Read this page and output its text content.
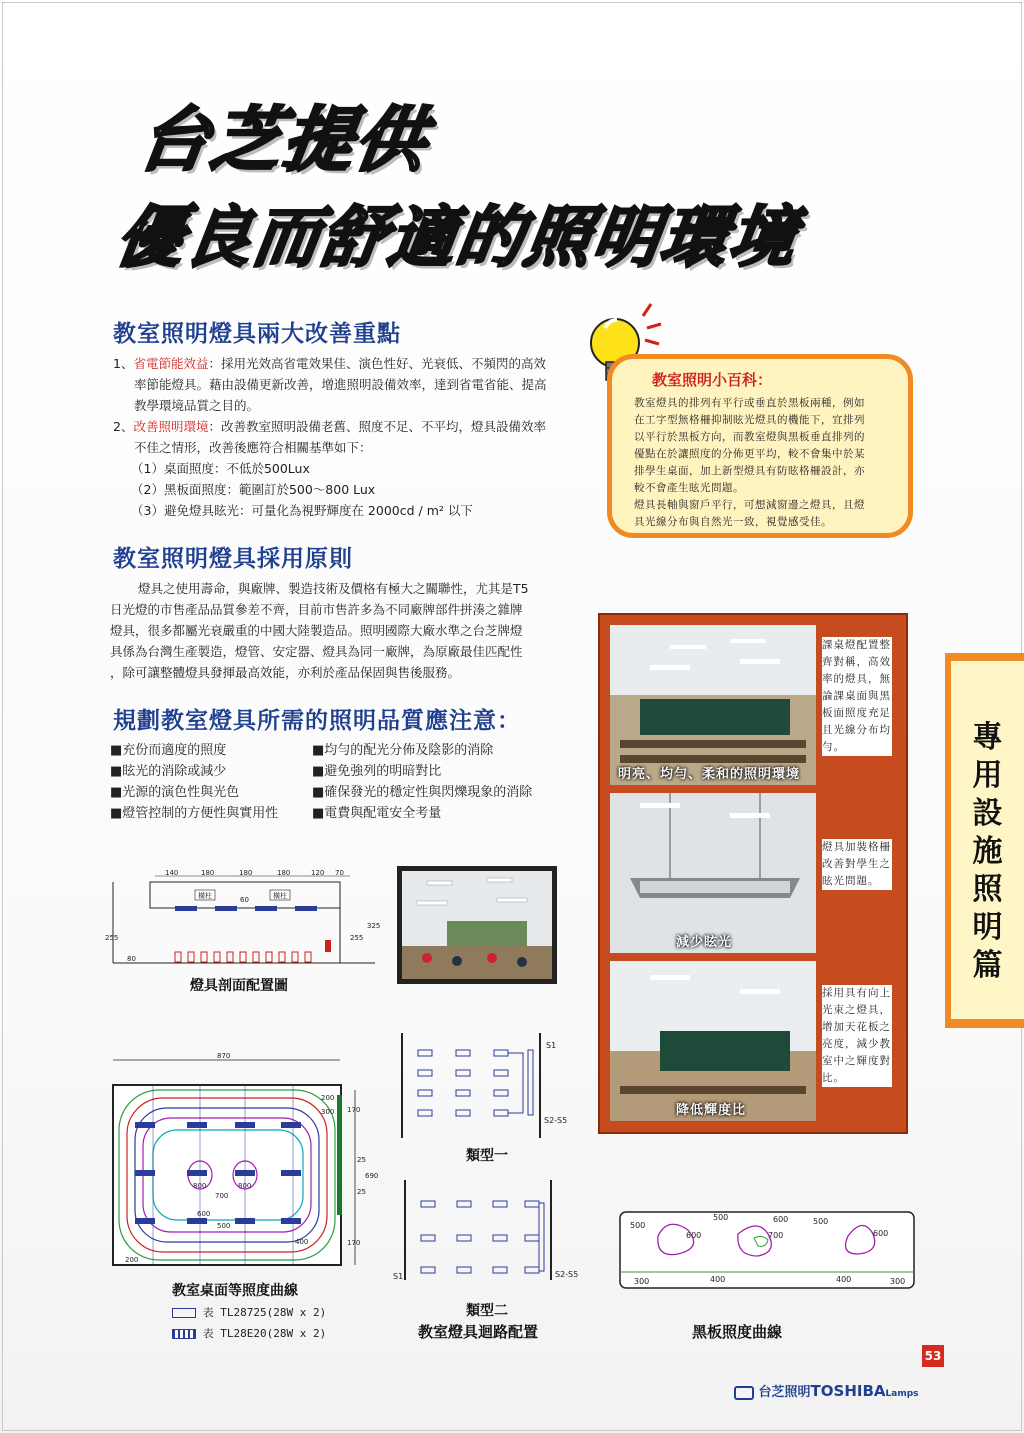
台芝提供
優良而舒適的照明環境
教室照明燈具兩大改善重點
1、省電節能效益：採用光效高省電效果佳、演色性好、光衰低、不頻閃的高效
率節能燈具。藉由設備更新改善，增進照明設備效率，達到省電省能、提高
教學環境品質之目的。
2、改善照明環境：改善教室照明設備老舊、照度不足、不平均，燈具設備效率
不佳之情形，改善後應符合相關基準如下：
（1）桌面照度：不低於500Lux
（2）黑板面照度：範圍訂於500～800 Lux
（3）避免燈具眩光：可量化為視野輝度在 2000cd / m² 以下
教室照明小百科：
教室燈具的排列有平行或垂直於黑板兩種，例如
在工字型無格柵抑制眩光燈具的機能下，宜排列
以平行於黑板方向，而教室燈與黑板垂直排列的
優點在於讓照度的分佈更平均，較不會集中於某
排學生桌面，加上新型燈具有防眩格柵設計，亦
較不會產生眩光問題。
燈具長軸與窗戶平行，可想減窗邊之燈具，且燈
具光線分布與自然光一致，視覺感受佳。
教室照明燈具採用原則
燈具之使用壽命，與廠牌、製造技術及價格有極大之關聯性，尤其是T5
日光燈的市售產品品質參差不齊，目前市售許多為不同廠牌部件拼湊之雜牌
燈具，很多都屬光衰嚴重的中國大陸製造品。照明國際大廠水準之台芝牌燈
具係為台灣生產製造，燈管、安定器、燈具為同一廠牌，為原廠最佳匹配性
，除可讓整體燈具發揮最高效能，亦利於產品保固與售後服務。
規劃教室燈具所需的照明品質應注意：
■充份而適度的照度
■眩光的消除或減少
■光源的演色性與光色
■燈管控制的方便性與實用性
■均勻的配光分佈及陰影的消除
■避免強列的明暗對比
■確保發光的穩定性與閃爍現象的消除
■電費與配電安全考量
明亮、均勻、柔和的照明環境
課桌燈配置整齊對稱，高效率的燈具，無論課桌面與黑板面照度充足且光線分布均勻。
減少眩光
燈具加裝格柵改善對學生之眩光問題。
降低輝度比
採用具有向上光束之燈具，增加天花板之亮度，減少教室中之輝度對比。
專用設施照明篇
140	180	180	180	120 70
橫柱	橫柱
60
325
255
255
80
燈具剖面配置圖
870
200
300
800	800
700
600
500
400
200
170
25
690
25
170
教室桌面等照度曲線
表 TL28725(28W x 2)
表 TL28E20(28W x 2)
S1
S2-S5
類型一
S1	S2-S5
類型二
教室燈具迴路配置
500
600
500	600
700
500
600
300	400	400	300
黑板照度曲線
53
台芝照明TOSHIBALamps
